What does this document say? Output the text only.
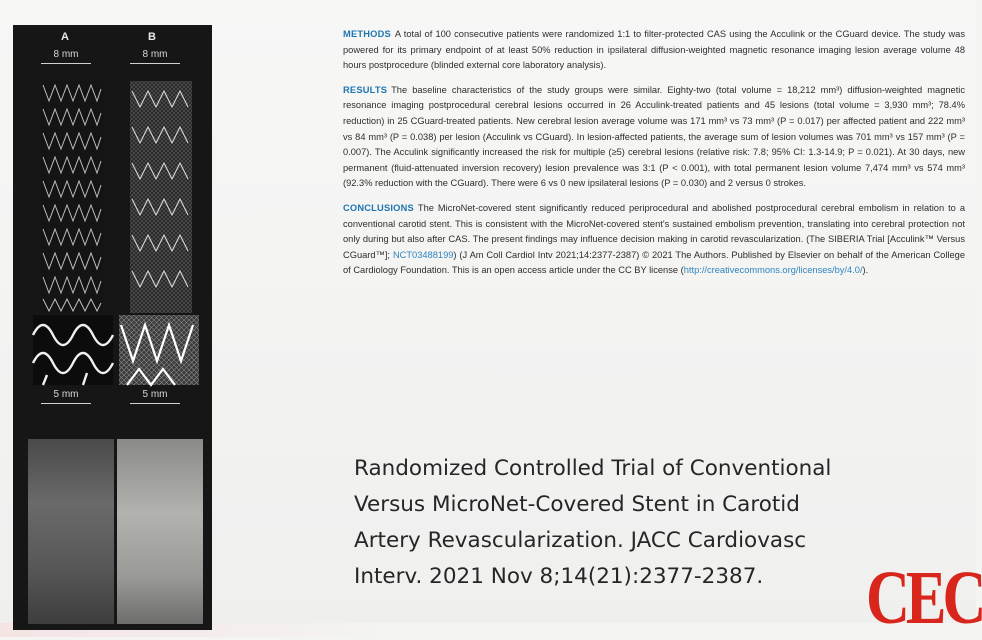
A	B
8 mm	8 mm
5 mm	5 mm

METHODS A total of 100 consecutive patients were randomized 1:1 to filter-protected CAS using the Acculink or the CGuard device. The study was powered for its primary endpoint of at least 50% reduction in ipsilateral diffusion-weighted magnetic resonance imaging lesion average volume 48 hours postprocedure (blinded external core laboratory analysis).

RESULTS The baseline characteristics of the study groups were similar. Eighty-two (total volume = 18,212 mm³) diffusion-weighted magnetic resonance imaging postprocedural cerebral lesions occurred in 26 Acculink-treated patients and 45 lesions (total volume = 3,930 mm³; 78.4% reduction) in 25 CGuard-treated patients. New cerebral lesion average volume was 171 mm³ vs 73 mm³ (P = 0.017) per affected patient and 222 mm³ vs 84 mm³ (P = 0.038) per lesion (Acculink vs CGuard). In lesion-affected patients, the average sum of lesion volumes was 701 mm³ vs 157 mm³ (P = 0.007). The Acculink significantly increased the risk for multiple (≥5) cerebral lesions (relative risk: 7.8; 95% CI: 1.3-14.9; P = 0.021). At 30 days, new permanent (fluid-attenuated inversion recovery) lesion prevalence was 3:1 (P < 0.001), with total permanent lesion volume 7,474 mm³ vs 574 mm³ (92.3% reduction with the CGuard). There were 6 vs 0 new ipsilateral lesions (P = 0.030) and 2 versus 0 strokes.

CONCLUSIONS The MicroNet-covered stent significantly reduced periprocedural and abolished postprocedural cerebral embolism in relation to a conventional carotid stent. This is consistent with the MicroNet-covered stent's sustained embolism prevention, translating into cerebral protection not only during but also after CAS. The present findings may influence decision making in carotid revascularization. (The SIBERIA Trial [Acculink™ Versus CGuard™]; NCT03488199) (J Am Coll Cardiol Intv 2021;14:2377-2387) © 2021 The Authors. Published by Elsevier on behalf of the American College of Cardiology Foundation. This is an open access article under the CC BY license (http://creativecommons.org/licenses/by/4.0/).

Randomized Controlled Trial of Conventional
Versus MicroNet-Covered Stent in Carotid
Artery Revascularization. JACC Cardiovasc
Interv. 2021 Nov 8;14(21):2377-2387.	CEC
